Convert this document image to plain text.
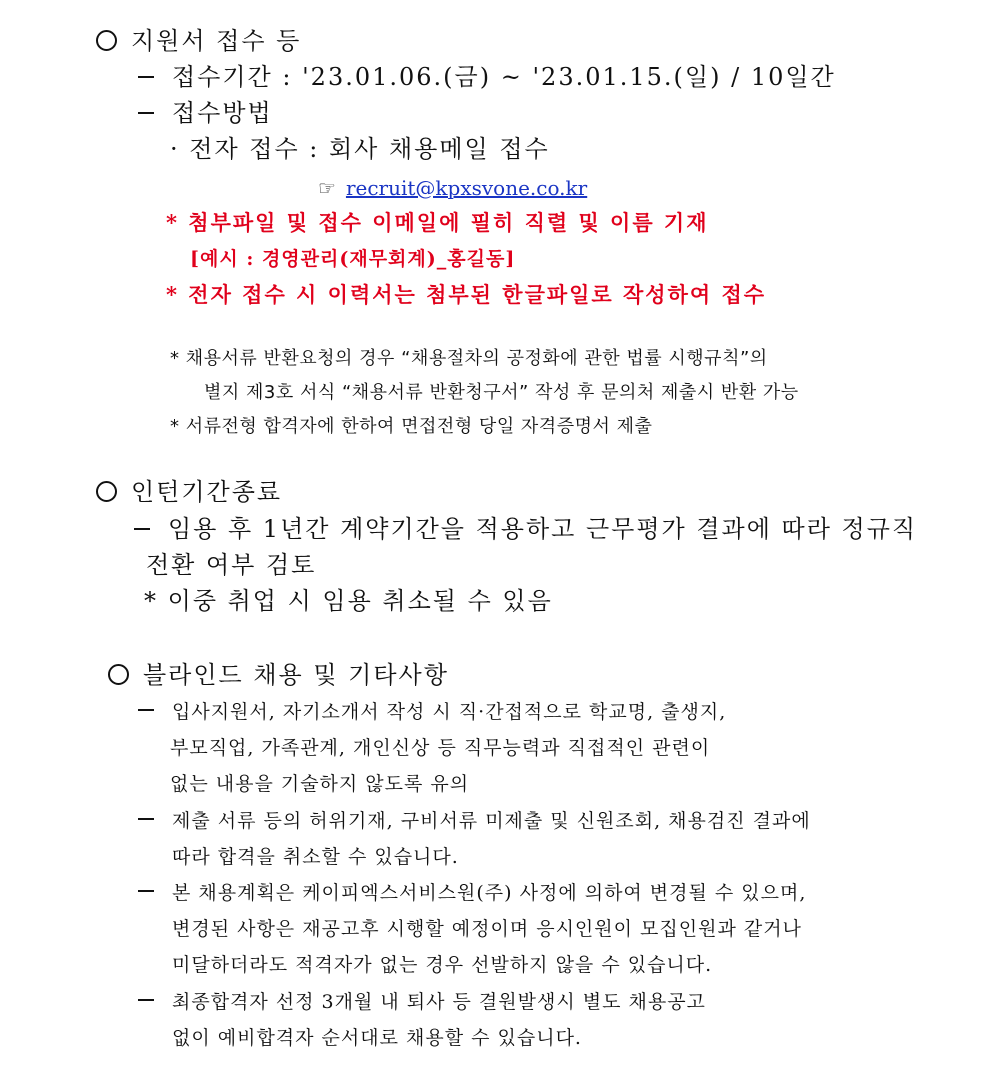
지원서 접수 등
접수기간 : '23.01.06.(금) ~ '23.01.15.(일) / 10일간
접수방법
· 전자 접수 : 회사 채용메일 접수
☞ recruit@kpxsvone.co.kr
* 첨부파일 및 접수 이메일에 필히 직렬 및 이름 기재
[예시 : 경영관리(재무회계)_홍길동]
* 전자 접수 시 이력서는 첨부된 한글파일로 작성하여 접수
* 채용서류 반환요청의 경우 “채용절차의 공정화에 관한 법률 시행규칙”의
별지 제3호 서식 “채용서류 반환청구서” 작성 후 문의처 제출시 반환 가능
* 서류전형 합격자에 한하여 면접전형 당일 자격증명서 제출
인턴기간종료
임용 후 1년간 계약기간을 적용하고 근무평가 결과에 따라 정규직
전환 여부 검토
* 이중 취업 시 임용 취소될 수 있음
블라인드 채용 및 기타사항
입사지원서, 자기소개서 작성 시 직·간접적으로 학교명, 출생지,
부모직업, 가족관계, 개인신상 등 직무능력과 직접적인 관련이
없는 내용을 기술하지 않도록 유의
제출 서류 등의 허위기재, 구비서류 미제출 및 신원조회, 채용검진 결과에
따라 합격을 취소할 수 있습니다.
본 채용계획은 케이피엑스서비스원(주) 사정에 의하여 변경될 수 있으며,
변경된 사항은 재공고후 시행할 예정이며 응시인원이 모집인원과 같거나
미달하더라도 적격자가 없는 경우 선발하지 않을 수 있습니다.
최종합격자 선정 3개월 내 퇴사 등 결원발생시 별도 채용공고
없이 예비합격자 순서대로 채용할 수 있습니다.
